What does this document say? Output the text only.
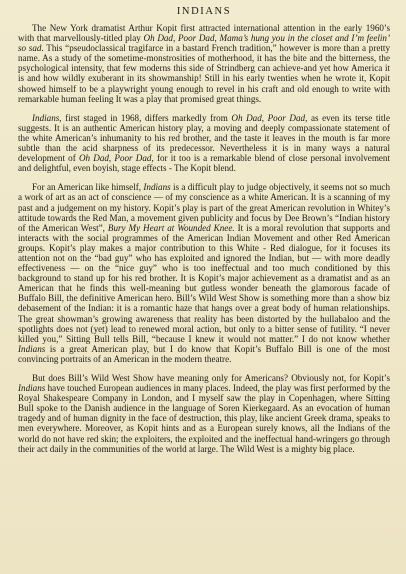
INDIANS
The New York dramatist Arthur Kopit first attracted international attention in the early 1960’s with that marvellously-titled play Oh Dad, Poor Dad, Mama’s hung you in the closet and I’m feelin’ so sad. This “pseudoclassical tragifarce in a bastard French tradition,” however is more than a pretty name. As a study of the sometime-monstrosities of motherhood, it has the bite and the bitterness, the psychological intensity, that few moderns this side of Strindberg can achieve-and yet how America it is and how wildly exuberant in its showmanship! Still in his early twenties when he wrote it, Kopit showed himself to be a playwright young enough to revel in his craft and old enough to write with remarkable human feeling It was a play that promised great things.
Indians, first staged in 1968, differs markedly from Oh Dad, Poor Dad, as even its terse title suggests. It is an authentic American history play, a moving and deeply compassionate statement of the white American’s inhumanity to his red brother, and the taste it leaves in the mouth is far more subtle than the acid sharpness of its predecessor. Nevertheless it is in many ways a natural development of Oh Dad, Poor Dad, for it too is a remarkable blend of close personal involvement and delightful, even boyish, stage effects - The Kopit blend.
For an American like himself, Indians is a difficult play to judge objectively, it seems not so much a work of art as an act of conscience — of my conscience as a white American. It is a scanning of my past and a judgement on my history. Kopit’s play is part of the great American revolution in Whitey’s attitude towards the Red Man, a movement given publicity and focus by Dee Brown’s “Indian history of the American West”, Bury My Heart at Wounded Knee. It is a moral revolution that supports and interacts with the social programmes of the American Indian Movement and other Red American groups. Kopit’s play makes a major contribution to this White - Red dialogue, for it focuses its attention not on the “bad guy” who has exploited and ignored the Indian, but — with more deadly effectiveness — on the “nice guy” who is too ineffectual and too much conditioned by this background to stand up for his red brother. It is Kopit’s major achievement as a dramatist and as an American that he finds this well-meaning but gutless wonder beneath the glamorous facade of Buffalo Bill, the definitive American hero. Bill’s Wild West Show is something more than a show biz debasement of the Indian: it is a romantic haze that hangs over a great body of human relationships. The great showman’s growing awareness that reality has been distorted by the hullabaloo and the spotlights does not (yet) lead to renewed moral action, but only to a bitter sense of futility. “I never killed you,” Sitting Bull tells Bill, “because I knew it would not matter.” I do not know whether Indians is a great American play, but I do know that Kopit’s Buffalo Bill is one of the most convincing portraits of an American in the modern theatre.
But does Bill’s Wild West Show have meaning only for Americans? Obviously not, for Kopit’s Indians have touched European audiences in many places. Indeed, the play was first performed by the Royal Shakespeare Company in London, and I myself saw the play in Copenhagen, where Sitting Bull spoke to the Danish audience in the language of Soren Kierkegaard. As an evocation of human tragedy and of human dignity in the face of destruction, this play, like ancient Greek drama, speaks to men everywhere. Moreover, as Kopit hints and as a European surely knows, all the Indians of the world do not have red skin; the exploiters, the exploited and the ineffectual hand-wringers go through their act daily in the communities of the world at large. The Wild West is a mighty big place.
